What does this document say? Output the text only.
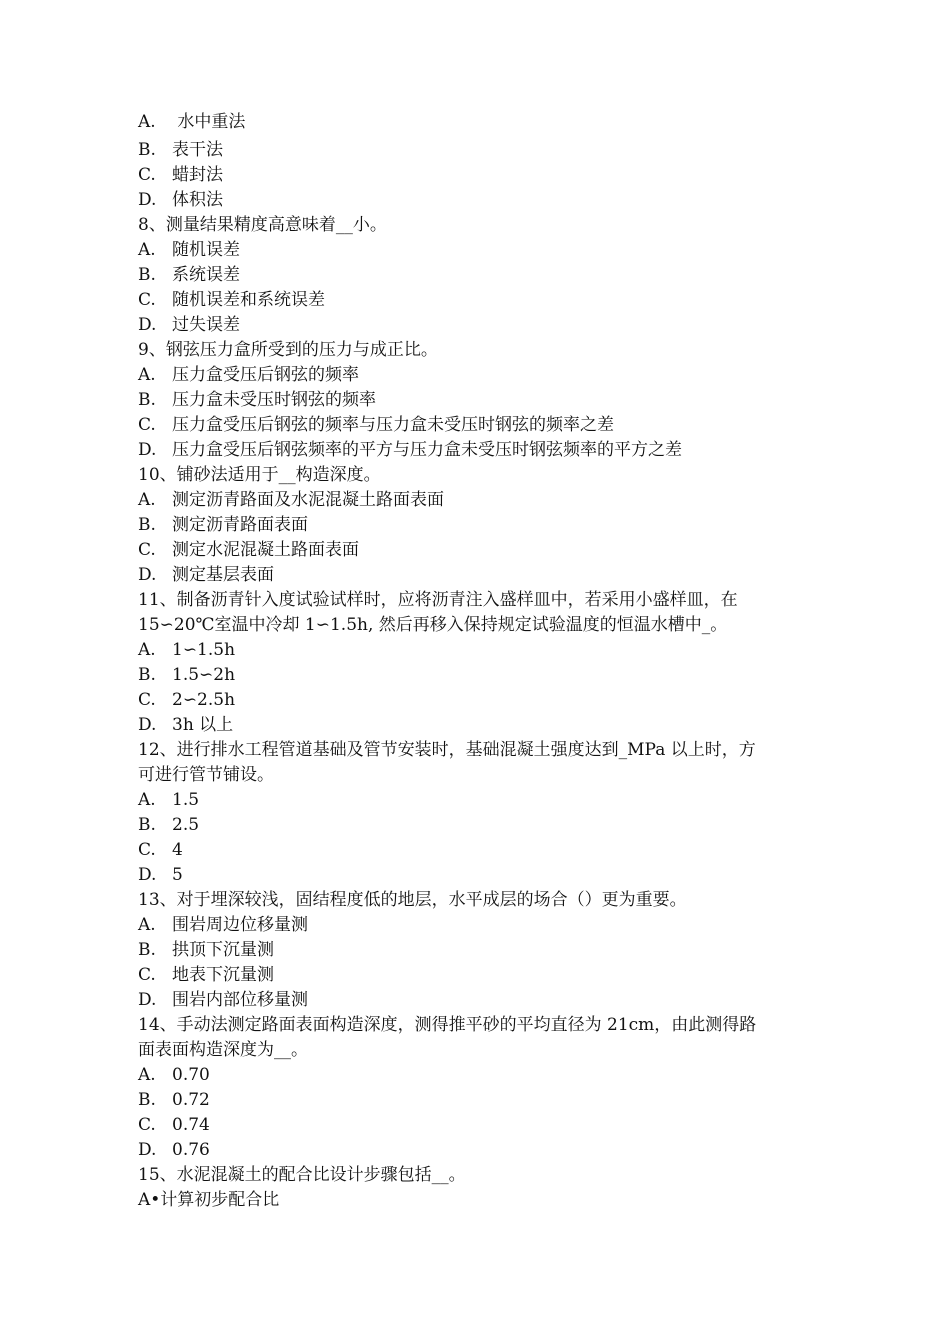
A. 水中重法
B. 表干法
C. 蜡封法
D. 体积法
8、测量结果精度高意味着__小。
A. 随机误差
B. 系统误差
C. 随机误差和系统误差
D. 过失误差
9、钢弦压力盒所受到的压力与成正比。
A. 压力盒受压后钢弦的频率
B. 压力盒未受压时钢弦的频率
C. 压力盒受压后钢弦的频率与压力盒未受压时钢弦的频率之差
D. 压力盒受压后钢弦频率的平方与压力盒未受压时钢弦频率的平方之差
10、铺砂法适用于__构造深度。
A. 测定沥青路面及水泥混凝土路面表面
B. 测定沥青路面表面
C. 测定水泥混凝土路面表面
D. 测定基层表面
11、制备沥青针入度试验试样时，应将沥青注入盛样皿中，若采用小盛样皿，在
15∽20℃室温中冷却 1∽1.5h, 然后再移入保持规定试验温度的恒温水槽中_。
A. 1∽1.5h
B. 1.5∽2h
C. 2∽2.5h
D. 3h 以上
12、进行排水工程管道基础及管节安装时，基础混凝土强度达到_MPa 以上时，方
可进行管节铺设。
A. 1.5
B. 2.5
C. 4
D. 5
13、对于埋深较浅，固结程度低的地层，水平成层的场合（）更为重要。
A. 围岩周边位移量测
B. 拱顶下沉量测
C. 地表下沉量测
D. 围岩内部位移量测
14、手动法测定路面表面构造深度，测得推平砂的平均直径为 21cm，由此测得路
面表面构造深度为__。
A. 0.70
B. 0.72
C. 0.74
D. 0.76
15、水泥混凝土的配合比设计步骤包括__。
A•计算初步配合比
